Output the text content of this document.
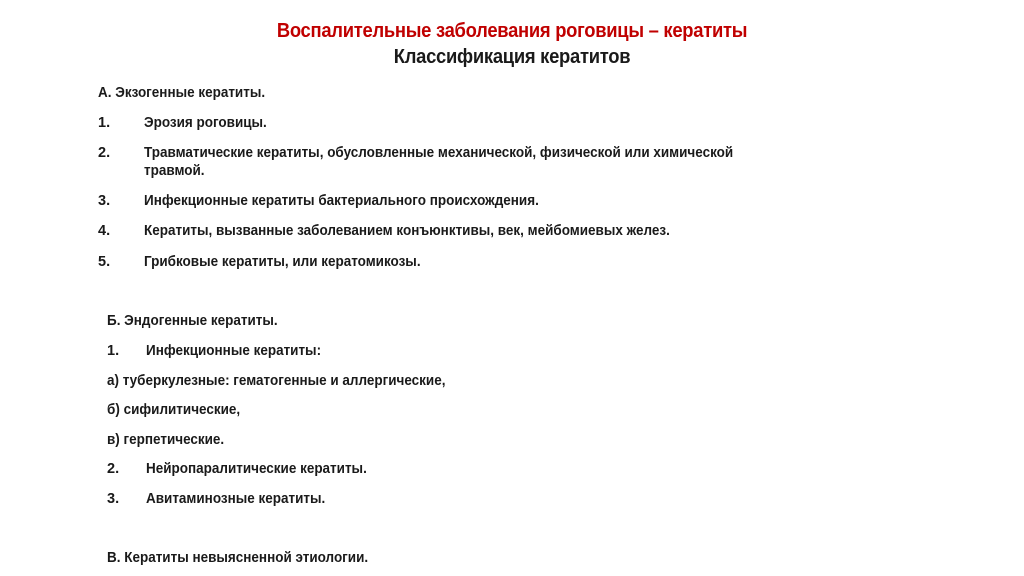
Воспалительные заболевания роговицы – кератиты
Классификация кератитов
А. Экзогенные кератиты.
1. Эрозия роговицы.
2. Травматические кератиты, обусловленные механической, физической или химической
травмой.
3. Инфекционные кератиты бактериального происхождения.
4. Кератиты, вызванные заболеванием конъюнктивы, век, мейбомиевых желез.
5. Грибковые кератиты, или кератомикозы.
Б. Эндогенные кератиты.
1. Инфекционные кератиты:
а) туберкулезные: гематогенные и аллергические,
б) сифилитические,
в) герпетические.
2. Нейропаралитические кератиты.
3. Авитаминозные кератиты.
В. Кератиты невыясненной этиологии.
